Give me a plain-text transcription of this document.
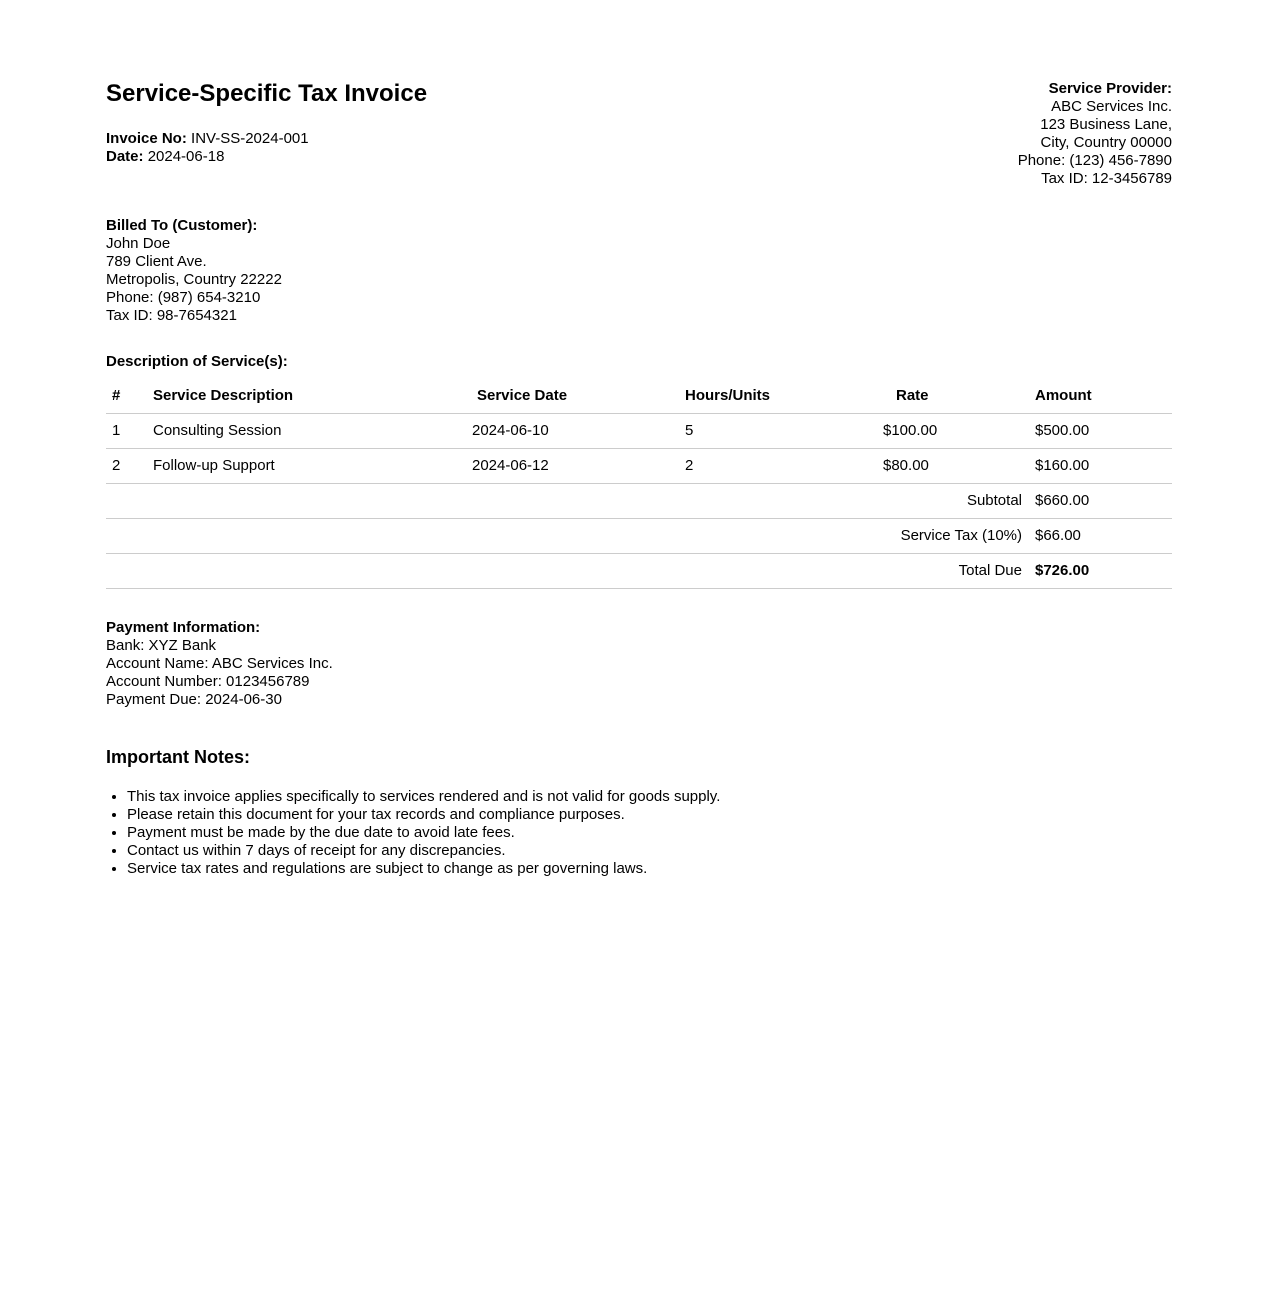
Service-Specific Tax Invoice
Invoice No: INV-SS-2024-001
Date: 2024-06-18
Service Provider:
ABC Services Inc.
123 Business Lane,
City, Country 00000
Phone: (123) 456-7890
Tax ID: 12-3456789
Billed To (Customer):
John Doe
789 Client Ave.
Metropolis, Country 22222
Phone: (987) 654-3210
Tax ID: 98-7654321
Description of Service(s):
#	Service Description	Service Date	Hours/Units	Rate	Amount
1	Consulting Session	2024-06-10	5	$100.00	$500.00
2	Follow-up Support	2024-06-12	2	$80.00	$160.00
Subtotal					$660.00
Service Tax (10%)					$66.00
Total Due					$726.00
Payment Information:
Bank: XYZ Bank
Account Name: ABC Services Inc.
Account Number: 0123456789
Payment Due: 2024-06-30
Important Notes:
• This tax invoice applies specifically to services rendered and is not valid for goods supply.
• Please retain this document for your tax records and compliance purposes.
• Payment must be made by the due date to avoid late fees.
• Contact us within 7 days of receipt for any discrepancies.
• Service tax rates and regulations are subject to change as per governing laws.
